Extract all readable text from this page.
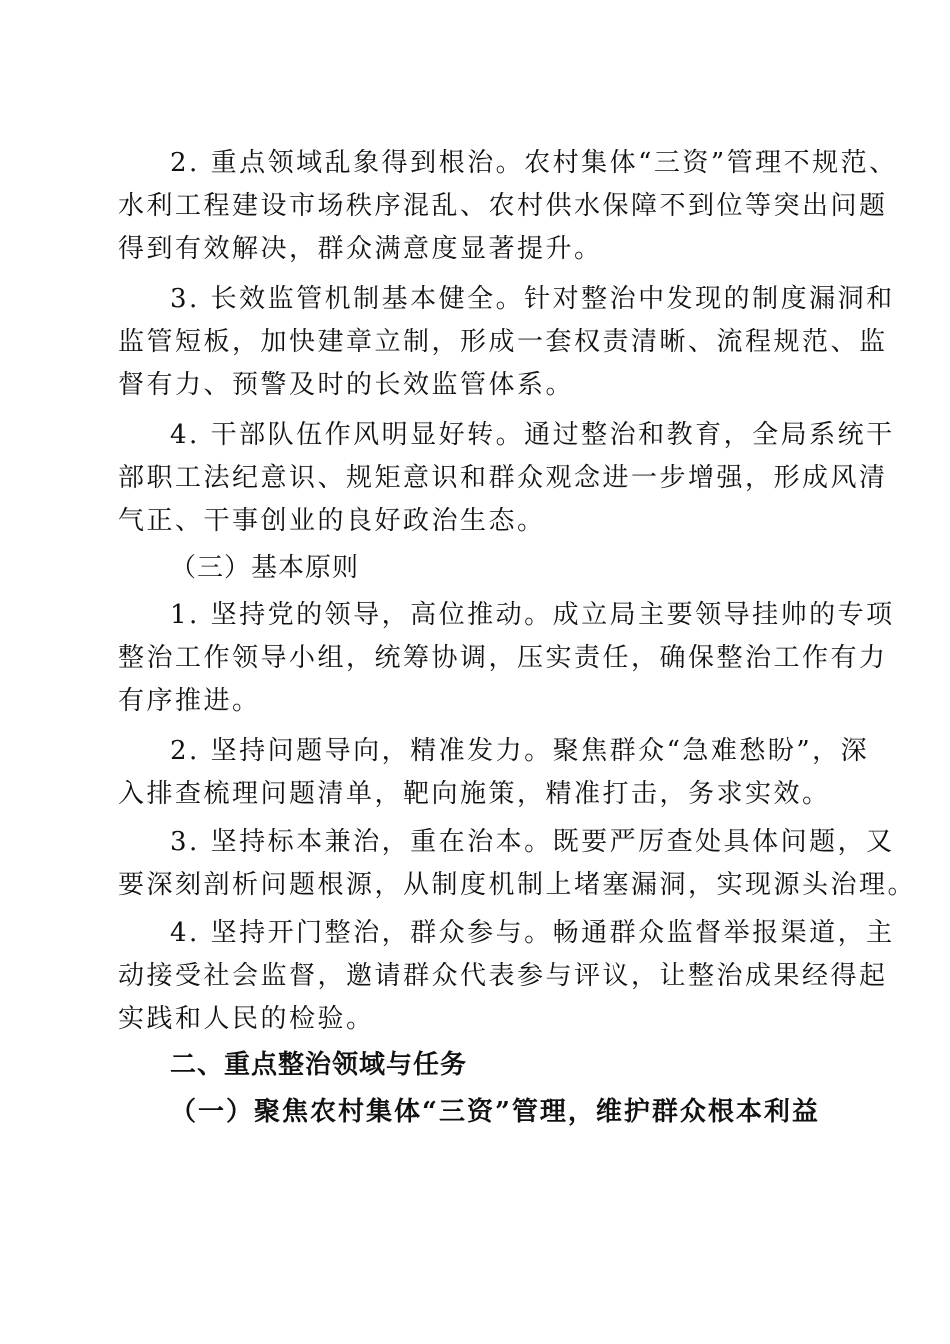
2. 重点领域乱象得到根治。农村集体“三资”管理不规范、

水利工程建设市场秩序混乱、农村供水保障不到位等突出问题

得到有效解决，群众满意度显著提升。

3. 长效监管机制基本健全。针对整治中发现的制度漏洞和

监管短板，加快建章立制，形成一套权责清晰、流程规范、监

督有力、预警及时的长效监管体系。

4. 干部队伍作风明显好转。通过整治和教育，全局系统干

部职工法纪意识、规矩意识和群众观念进一步增强，形成风清

气正、干事创业的良好政治生态。

（三）基本原则

1. 坚持党的领导，高位推动。成立局主要领导挂帅的专项

整治工作领导小组，统筹协调，压实责任，确保整治工作有力

有序推进。

2. 坚持问题导向，精准发力。聚焦群众“急难愁盼”，深

入排查梳理问题清单，靶向施策，精准打击，务求实效。

3. 坚持标本兼治，重在治本。既要严厉查处具体问题，又

要深刻剖析问题根源，从制度机制上堵塞漏洞，实现源头治理。

4. 坚持开门整治，群众参与。畅通群众监督举报渠道，主

动接受社会监督，邀请群众代表参与评议，让整治成果经得起

实践和人民的检验。

二、重点整治领域与任务

（一）聚焦农村集体“三资”管理，维护群众根本利益
